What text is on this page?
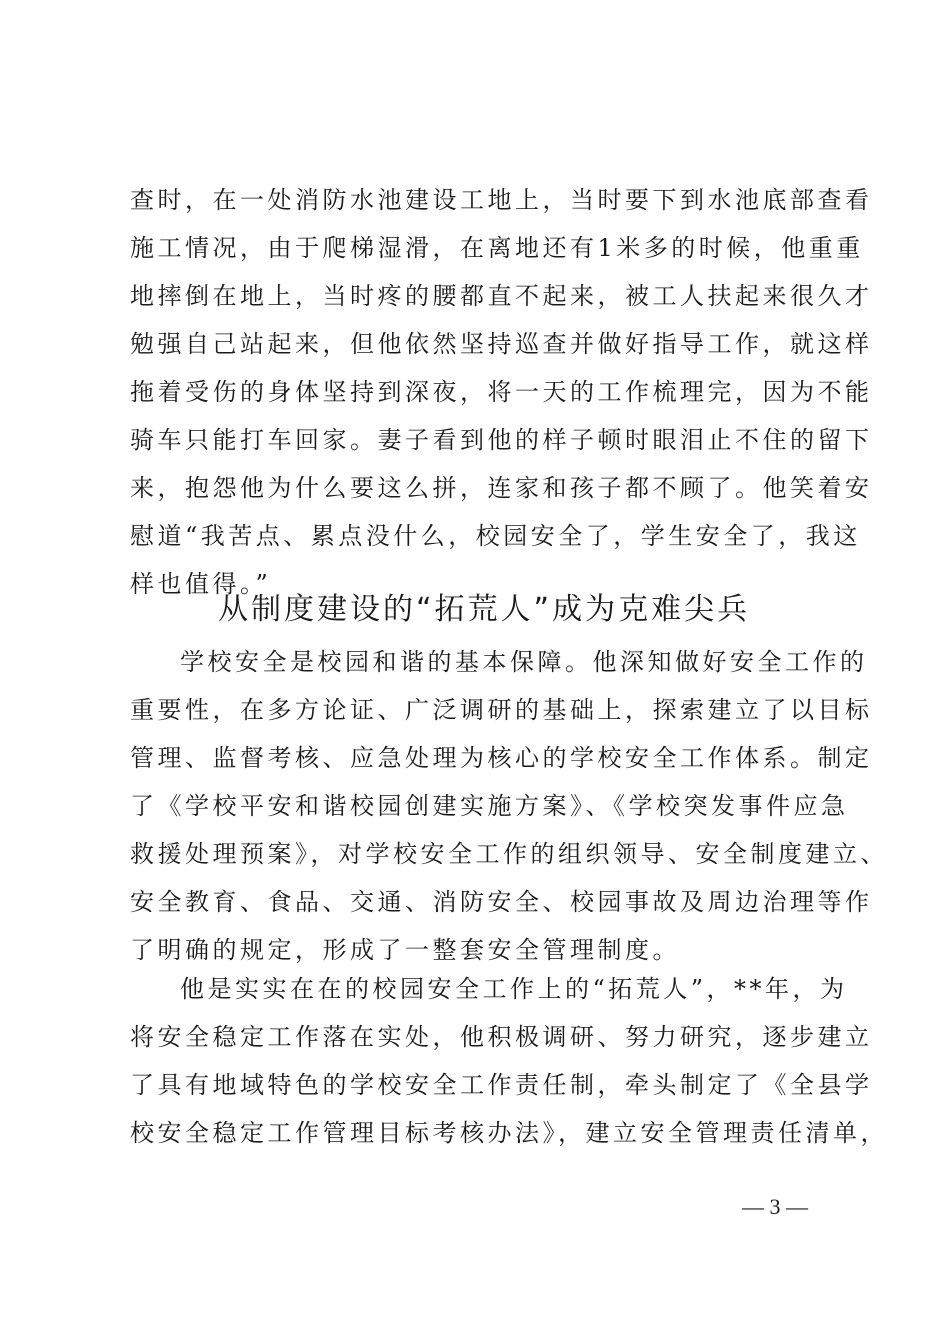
查时，在一处消防水池建设工地上，当时要下到水池底部查看
施工情况，由于爬梯湿滑，在离地还有1米多的时候，他重重
地摔倒在地上，当时疼的腰都直不起来，被工人扶起来很久才
勉强自己站起来，但他依然坚持巡查并做好指导工作，就这样
拖着受伤的身体坚持到深夜，将一天的工作梳理完，因为不能
骑车只能打车回家。妻子看到他的样子顿时眼泪止不住的留下
来，抱怨他为什么要这么拼，连家和孩子都不顾了。他笑着安
慰道“我苦点、累点没什么，校园安全了，学生安全了，我这
样也值得。”
从制度建设的“拓荒人”成为克难尖兵
学校安全是校园和谐的基本保障。他深知做好安全工作的
重要性，在多方论证、广泛调研的基础上，探索建立了以目标
管理、监督考核、应急处理为核心的学校安全工作体系。制定
了《学校平安和谐校园创建实施方案》、《学校突发事件应急
救援处理预案》，对学校安全工作的组织领导、安全制度建立、
安全教育、食品、交通、消防安全、校园事故及周边治理等作
了明确的规定，形成了一整套安全管理制度。
他是实实在在的校园安全工作上的“拓荒人”，**年，为
将安全稳定工作落在实处，他积极调研、努力研究，逐步建立
了具有地域特色的学校安全工作责任制，牵头制定了《全县学
校安全稳定工作管理目标考核办法》，建立安全管理责任清单，
— 3 —
